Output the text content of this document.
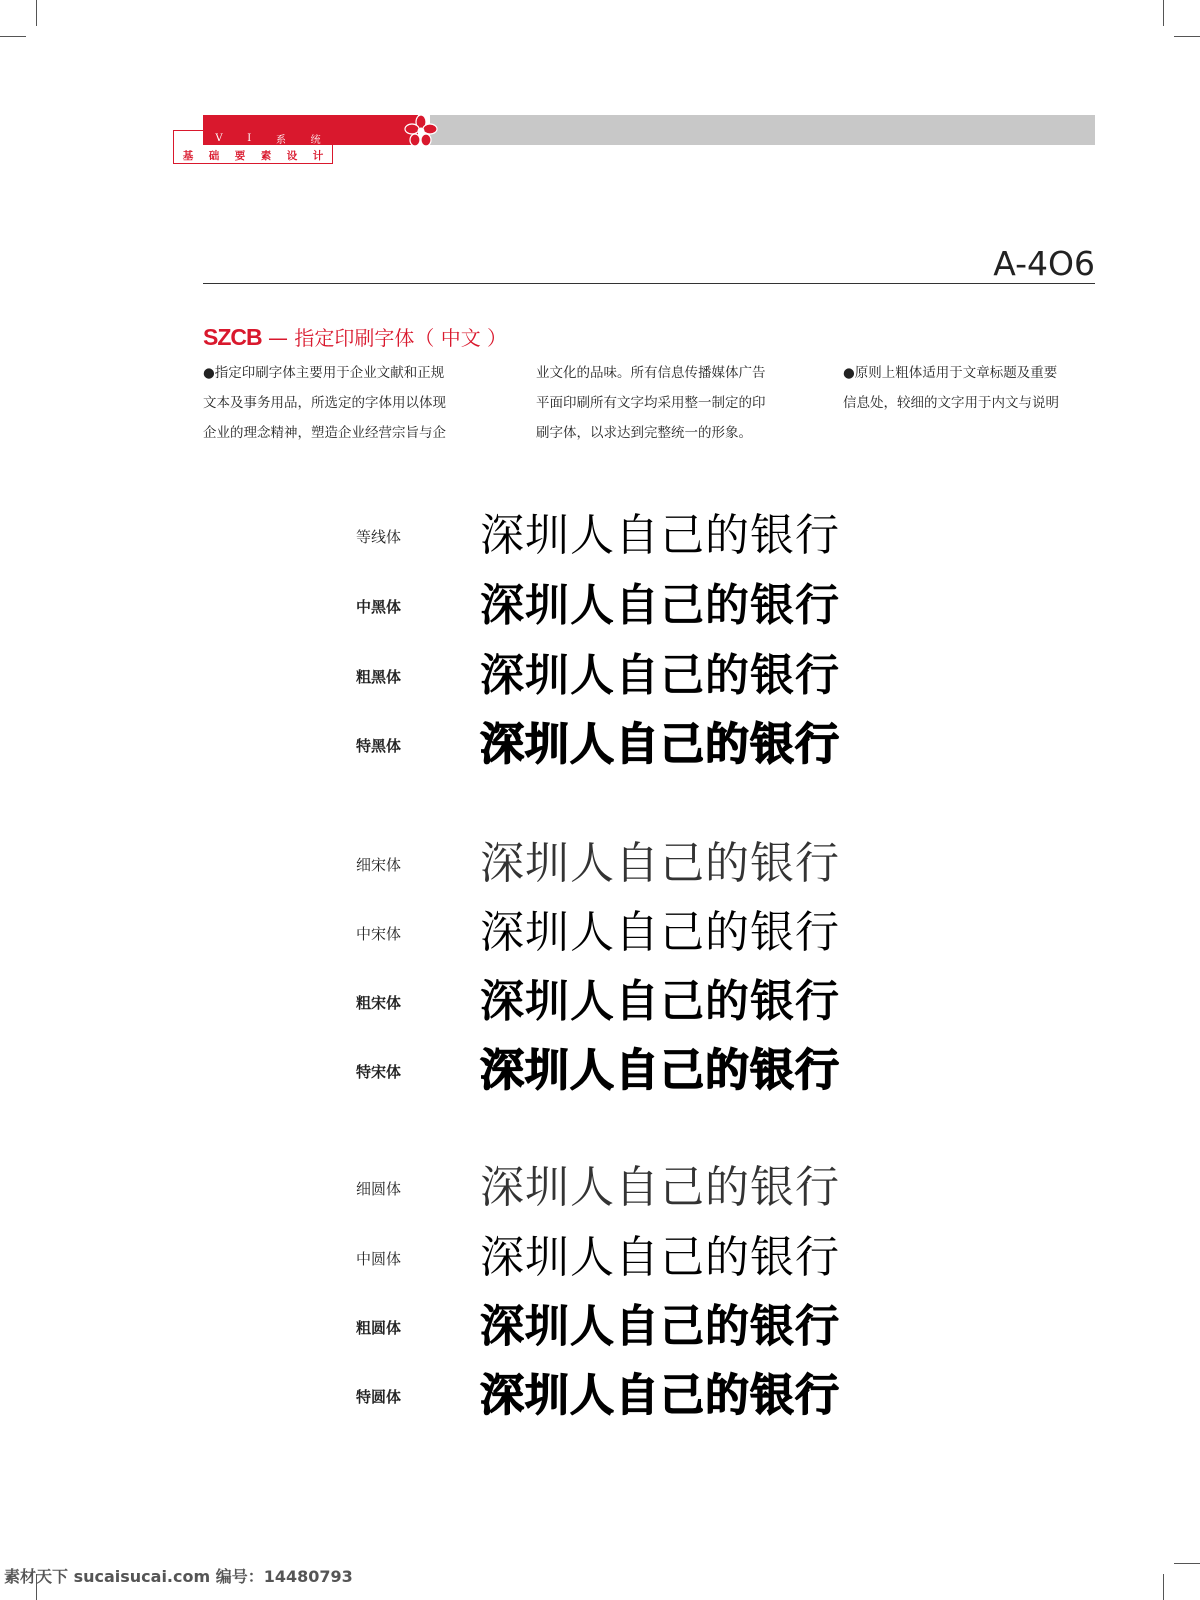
V I 系 统
基 础 要 素 设 计
A-4O6
SZCB — 指定印刷字体（ 中文 ）
●指定印刷字体主要用于企业文献和正规
文本及事务用品，所选定的字体用以体现
企业的理念精神，塑造企业经营宗旨与企
业文化的品味。所有信息传播媒体广告
平面印刷所有文字均采用整一制定的印
刷字体，以求达到完整统一的形象。
●原则上粗体适用于文章标题及重要
信息处，较细的文字用于内文与说明
等线体 深圳人自己的银行
中黑体 深圳人自己的银行
粗黑体 深圳人自己的银行
特黑体 深圳人自己的银行
细宋体 深圳人自己的银行
中宋体 深圳人自己的银行
粗宋体 深圳人自己的银行
特宋体 深圳人自己的银行
细圆体 深圳人自己的银行
中圆体 深圳人自己的银行
粗圆体 深圳人自己的银行
特圆体 深圳人自己的银行
素材天下 sucaisucai.com 编号：14480793
